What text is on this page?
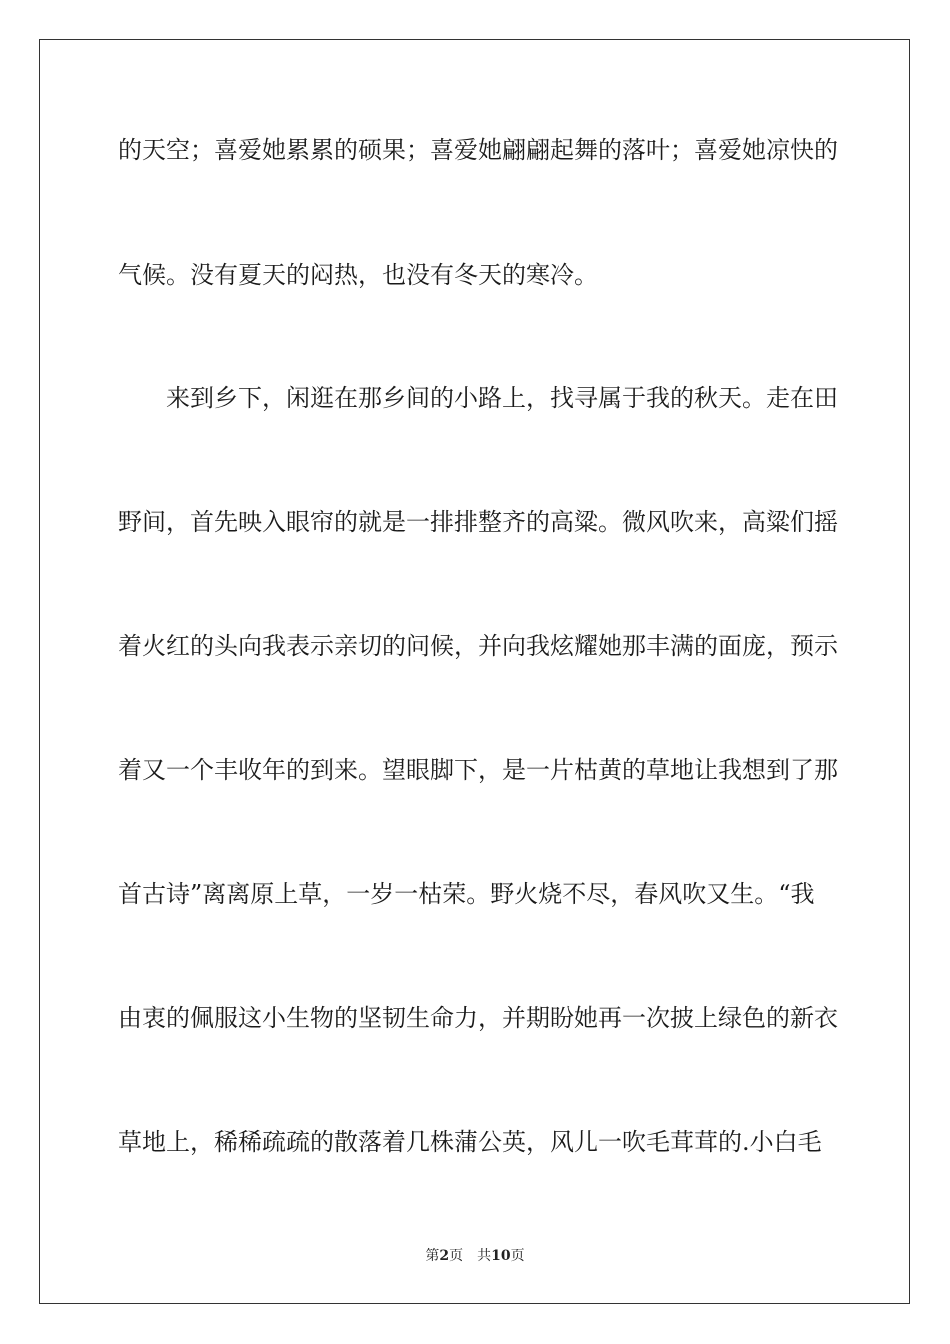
的天空；喜爱她累累的硕果；喜爱她翩翩起舞的落叶；喜爱她凉快的
气候。没有夏天的闷热，也没有冬天的寒冷。
　　来到乡下，闲逛在那乡间的小路上，找寻属于我的秋天。走在田
野间，首先映入眼帘的就是一排排整齐的高粱。微风吹来，高粱们摇
着火红的头向我表示亲切的问候，并向我炫耀她那丰满的面庞，预示
着又一个丰收年的到来。望眼脚下，是一片枯黄的草地让我想到了那
首古诗”离离原上草，一岁一枯荣。野火烧不尽，春风吹又生。“我
由衷的佩服这小生物的坚韧生命力，并期盼她再一次披上绿色的新衣
草地上，稀稀疏疏的散落着几株蒲公英，风儿一吹毛茸茸的.小白毛
第2页 共10页
